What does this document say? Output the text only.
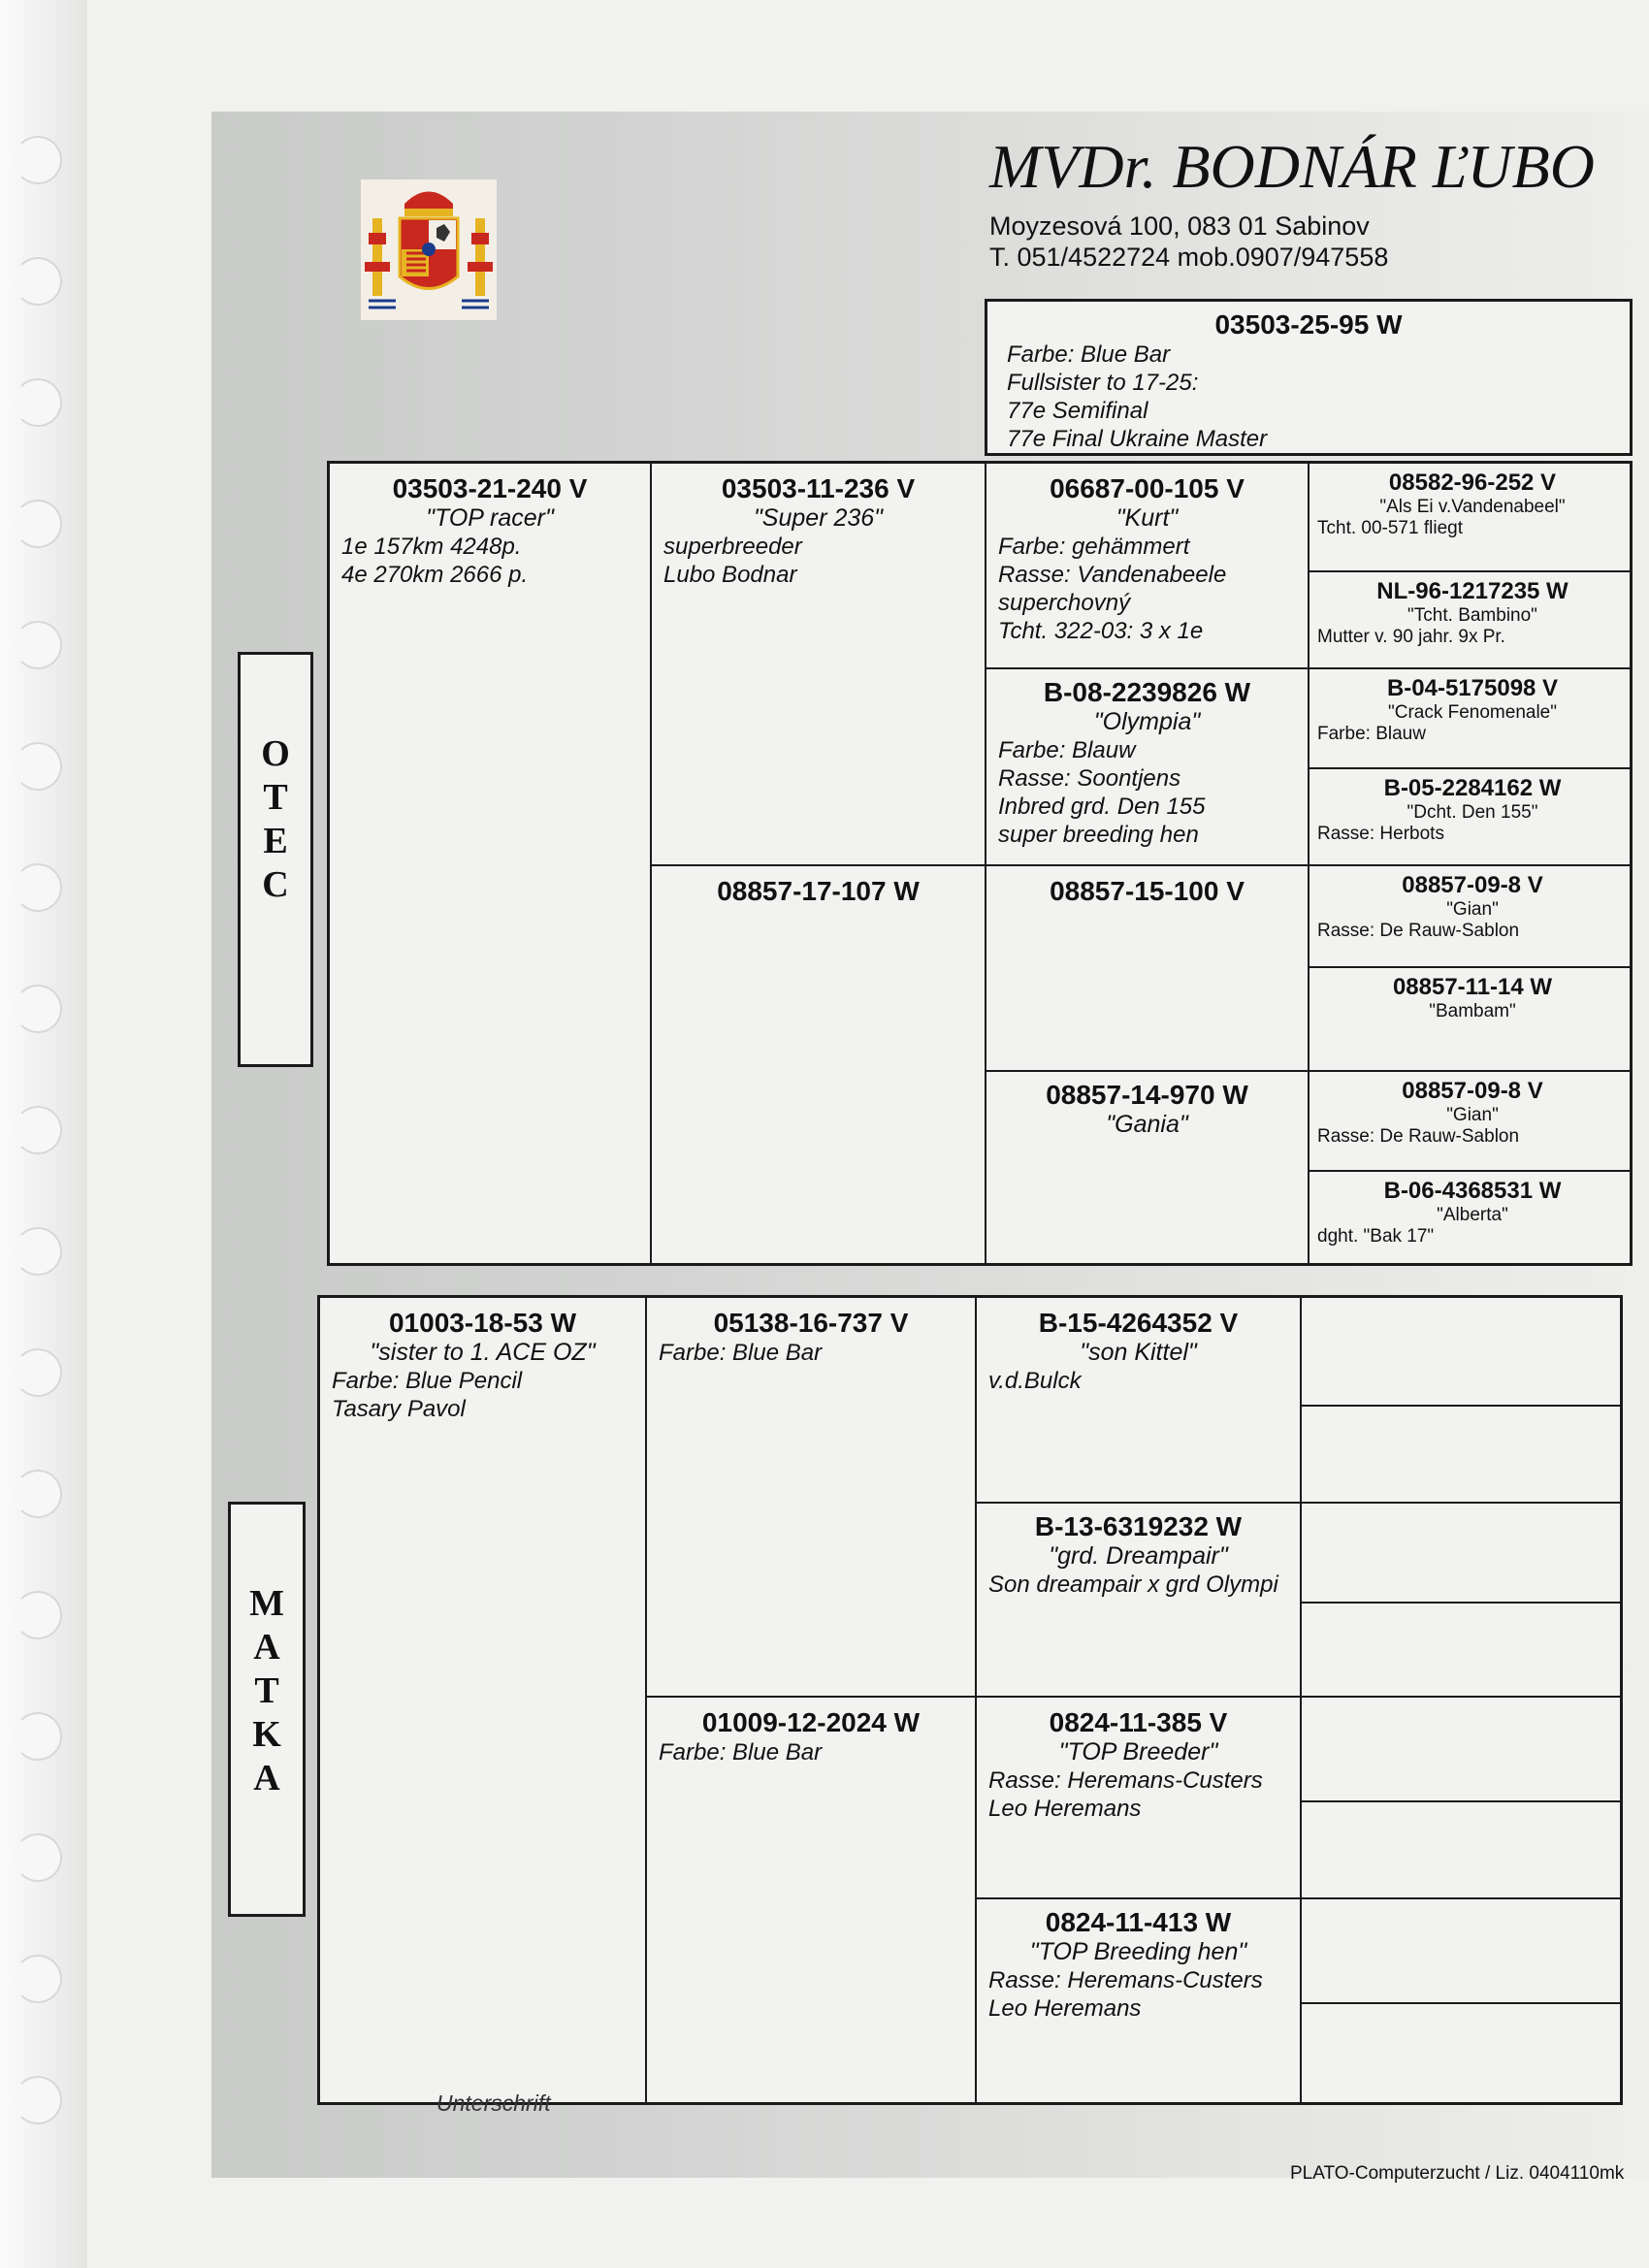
MVDr. BODNÁR ĽUBO
Moyzesová 100, 083 01 Sabinov
T. 051/4522724 mob.0907/947558
03503-25-95 W
Farbe: Blue Bar
Fullsister to 17-25:
77e Semifinal
77e Final Ukraine Master
O
T
E
C
M
A
T
K
A
03503-21-240 V
"TOP racer"
1e 157km 4248p.
4e 270km 2666 p.
03503-11-236 V
"Super 236"
superbreeder
Lubo Bodnar
08857-17-107 W
06687-00-105 V
"Kurt"
Farbe: gehämmert
Rasse: Vandenabeele
superchovný
Tcht. 322-03: 3 x 1e
B-08-2239826 W
"Olympia"
Farbe: Blauw
Rasse: Soontjens
Inbred grd. Den 155
super breeding hen
08857-15-100 V
08857-14-970 W
"Gania"
08582-96-252 V
"Als Ei v.Vandenabeel"
Tcht. 00-571 fliegt
NL-96-1217235 W
"Tcht. Bambino"
Mutter v. 90 jahr. 9x Pr.
B-04-5175098 V
"Crack Fenomenale"
Farbe: Blauw
B-05-2284162 W
"Dcht. Den 155"
Rasse: Herbots
08857-09-8 V
"Gian"
Rasse: De Rauw-Sablon
08857-11-14 W
"Bambam"
08857-09-8 V
"Gian"
Rasse: De Rauw-Sablon
B-06-4368531 W
"Alberta"
dght. "Bak 17"
01003-18-53 W
"sister to 1. ACE OZ"
Farbe: Blue Pencil
Tasary Pavol
05138-16-737 V
Farbe: Blue Bar
01009-12-2024 W
Farbe: Blue Bar
B-15-4264352 V
"son Kittel"
v.d.Bulck
B-13-6319232 W
"grd. Dreampair"
Son dreampair x grd Olympi
0824-11-385 V
"TOP Breeder"
Rasse: Heremans-Custers
Leo Heremans
0824-11-413 W
"TOP Breeding hen"
Rasse: Heremans-Custers
Leo Heremans
Unterschrift
PLATO-Computerzucht / Liz. 0404110mk
